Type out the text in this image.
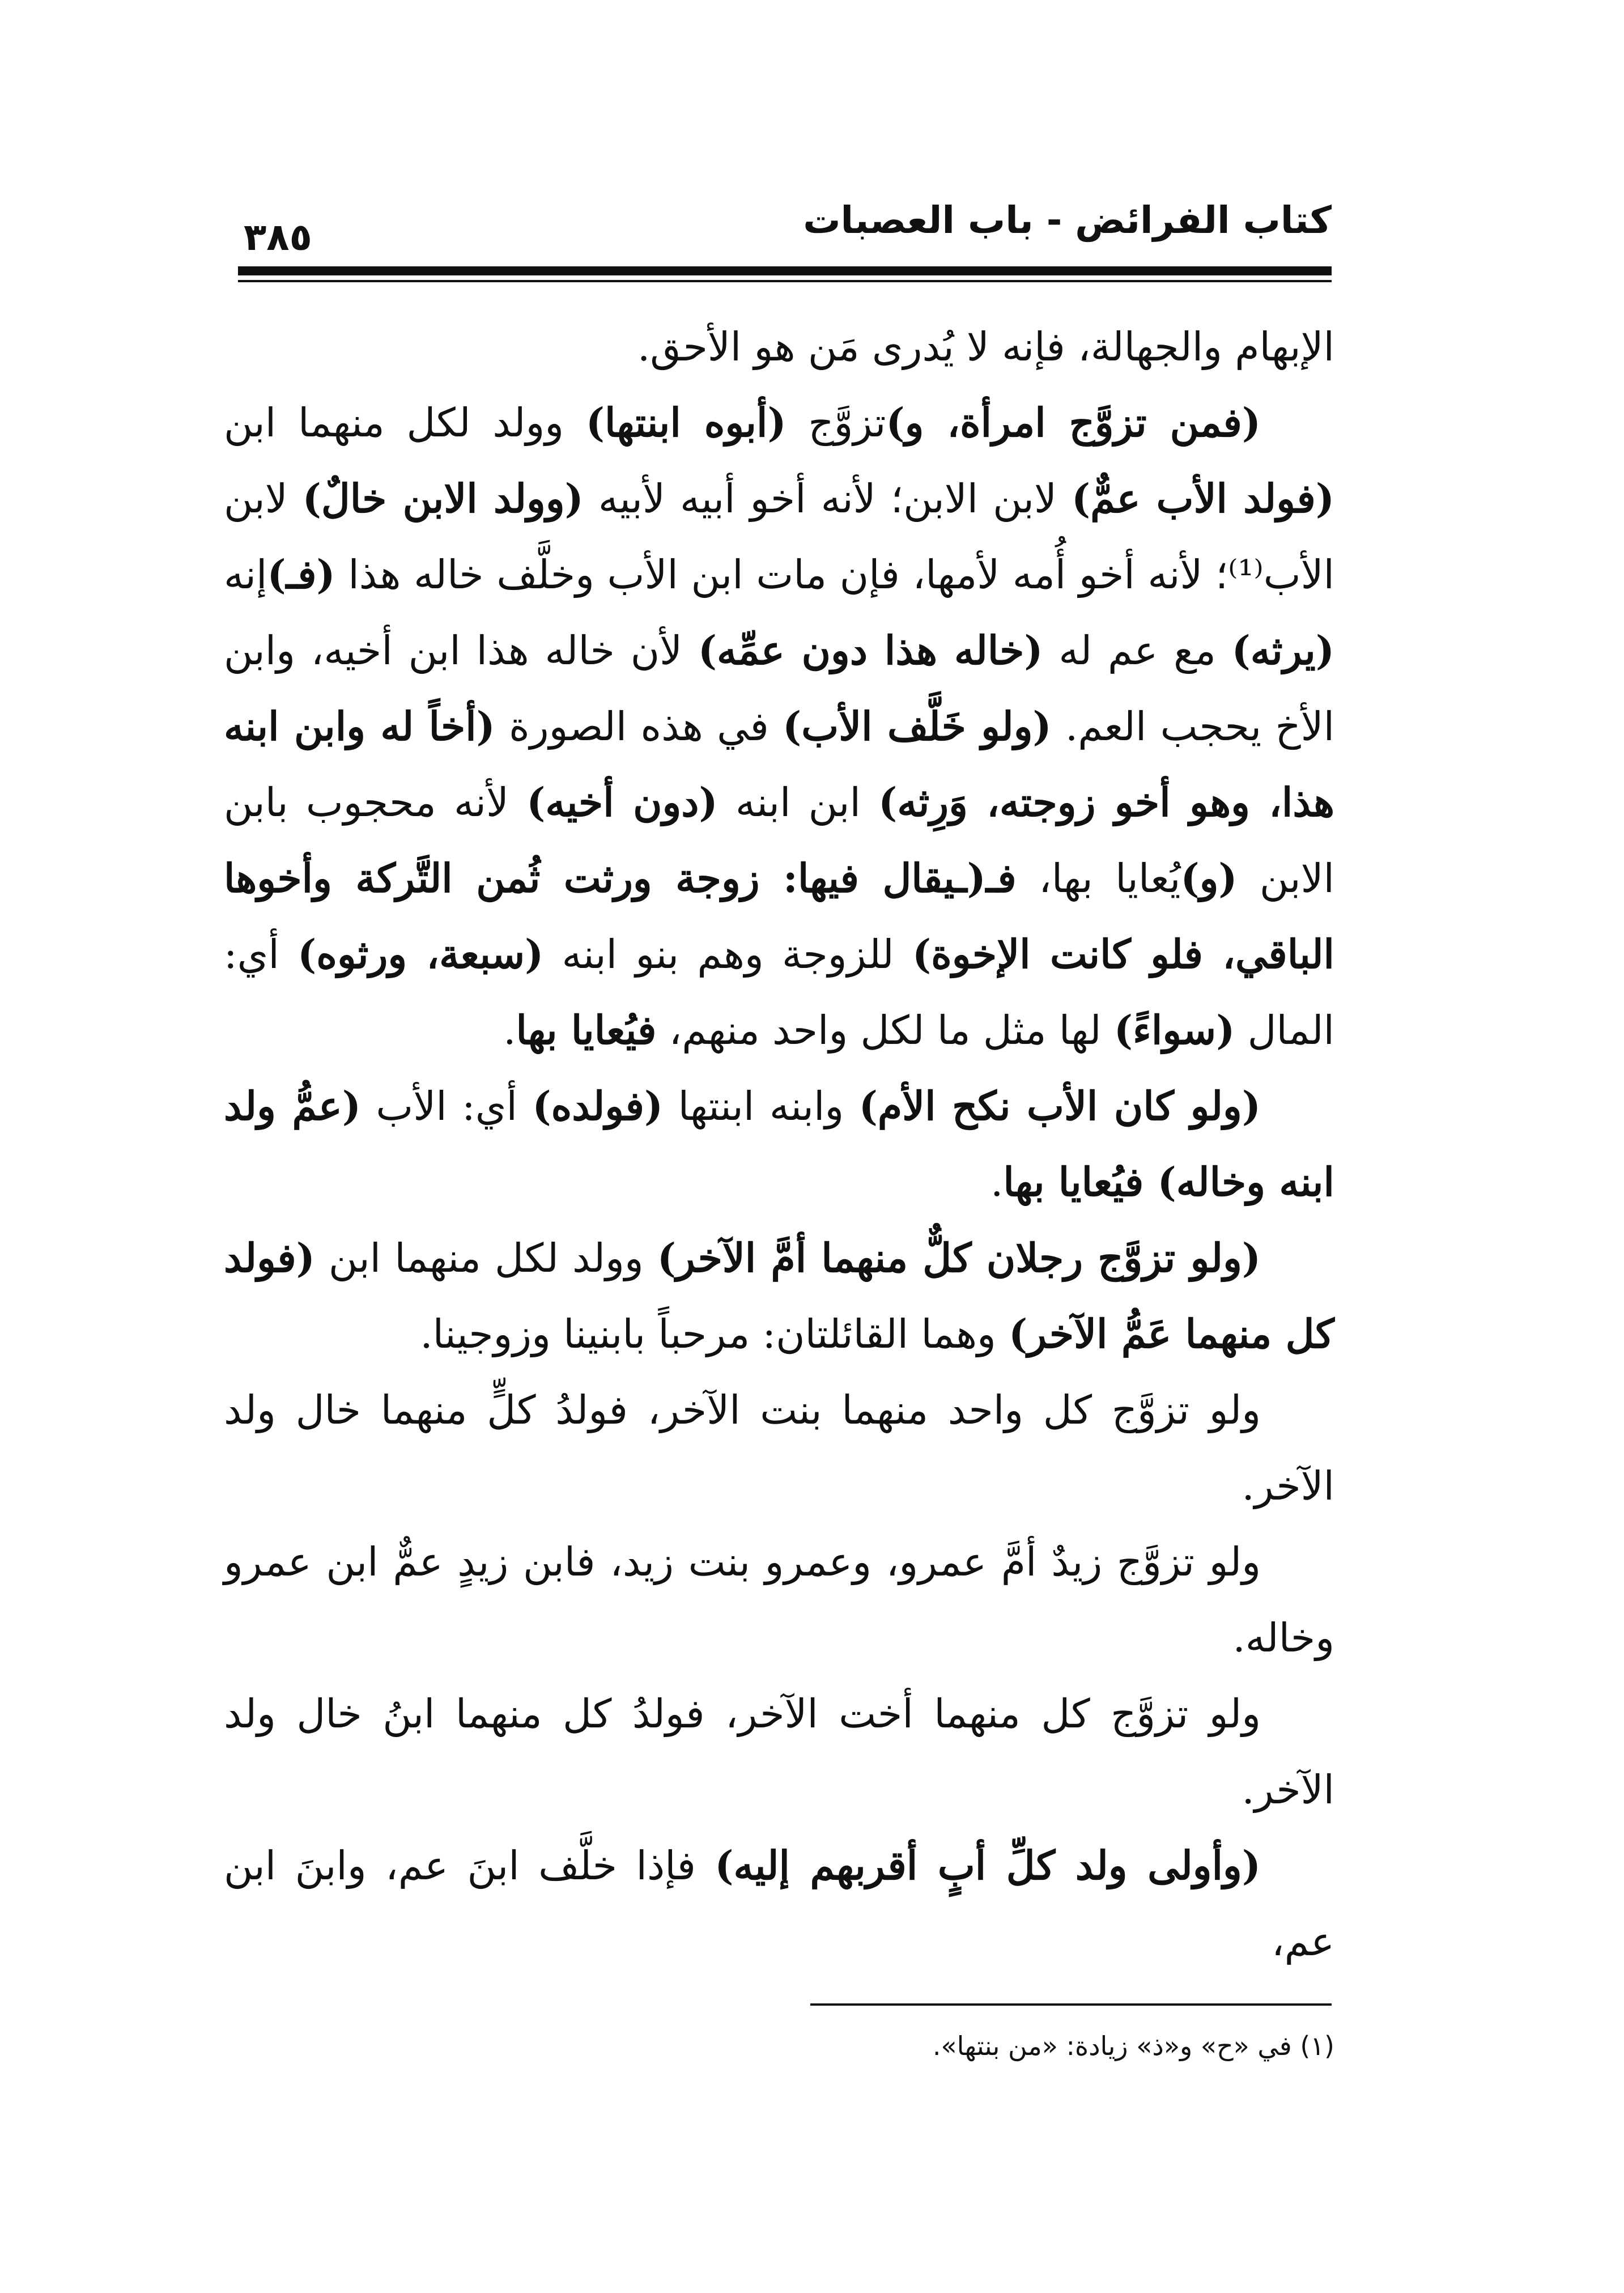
كتاب الفرائض - باب العصبات
٣٨٥

الإبهام والجهالة، فإنه لا يُدرى مَن هو الأحق.

(فمن تزوَّج امرأة، و)تزوَّج (أبوه ابنتها) وولد لكل منهما ابن (فولد الأب عمٌّ) لابن الابن؛ لأنه أخو أبيه لأبيه (وولد الابن خالٌ) لابن الأب⁽¹⁾؛ لأنه أخو أُمه لأمها، فإن مات ابن الأب وخلَّف خاله هذا (فـ)إنه (يرثه) مع عم له (خاله هذا دون عمِّه) لأن خاله هذا ابن أخيه، وابن الأخ يحجب العم. (ولو خَلَّف الأب) في هذه الصورة (أخاً له وابن ابنه هذا، وهو أخو زوجته، وَرِثه) ابن ابنه (دون أخيه) لأنه محجوب بابن الابن (و)يُعايا بها، فـ(ـيقال فيها: زوجة ورثت ثُمن التَّركة وأخوها الباقي، فلو كانت الإخوة) للزوجة وهم بنو ابنه (سبعة، ورثوه) أي: المال (سواءً) لها مثل ما لكل واحد منهم، فيُعايا بها.

(ولو كان الأب نكح الأم) وابنه ابنتها (فولده) أي: الأب (عمُّ ولد ابنه وخاله) فيُعايا بها.

(ولو تزوَّج رجلان كلٌّ منهما أمَّ الآخر) وولد لكل منهما ابن (فولد كل منهما عَمُّ الآخر) وهما القائلتان: مرحباً بابنينا وزوجينا.

ولو تزوَّج كل واحد منهما بنت الآخر، فولدُ كلٍّ منهما خال ولد الآخر.

ولو تزوَّج زيدٌ أمَّ عمرو، وعمرو بنت زيد، فابن زيدٍ عمٌّ ابن عمرو وخاله.

ولو تزوَّج كل منهما أخت الآخر، فولدُ كل منهما ابنُ خال ولد الآخر.

(وأولى ولد كلِّ أبٍ أقربهم إليه) فإذا خلَّف ابنَ عم، وابنَ ابن عم،

(١) في «ح» و«ذ» زيادة: «من بنتها».
